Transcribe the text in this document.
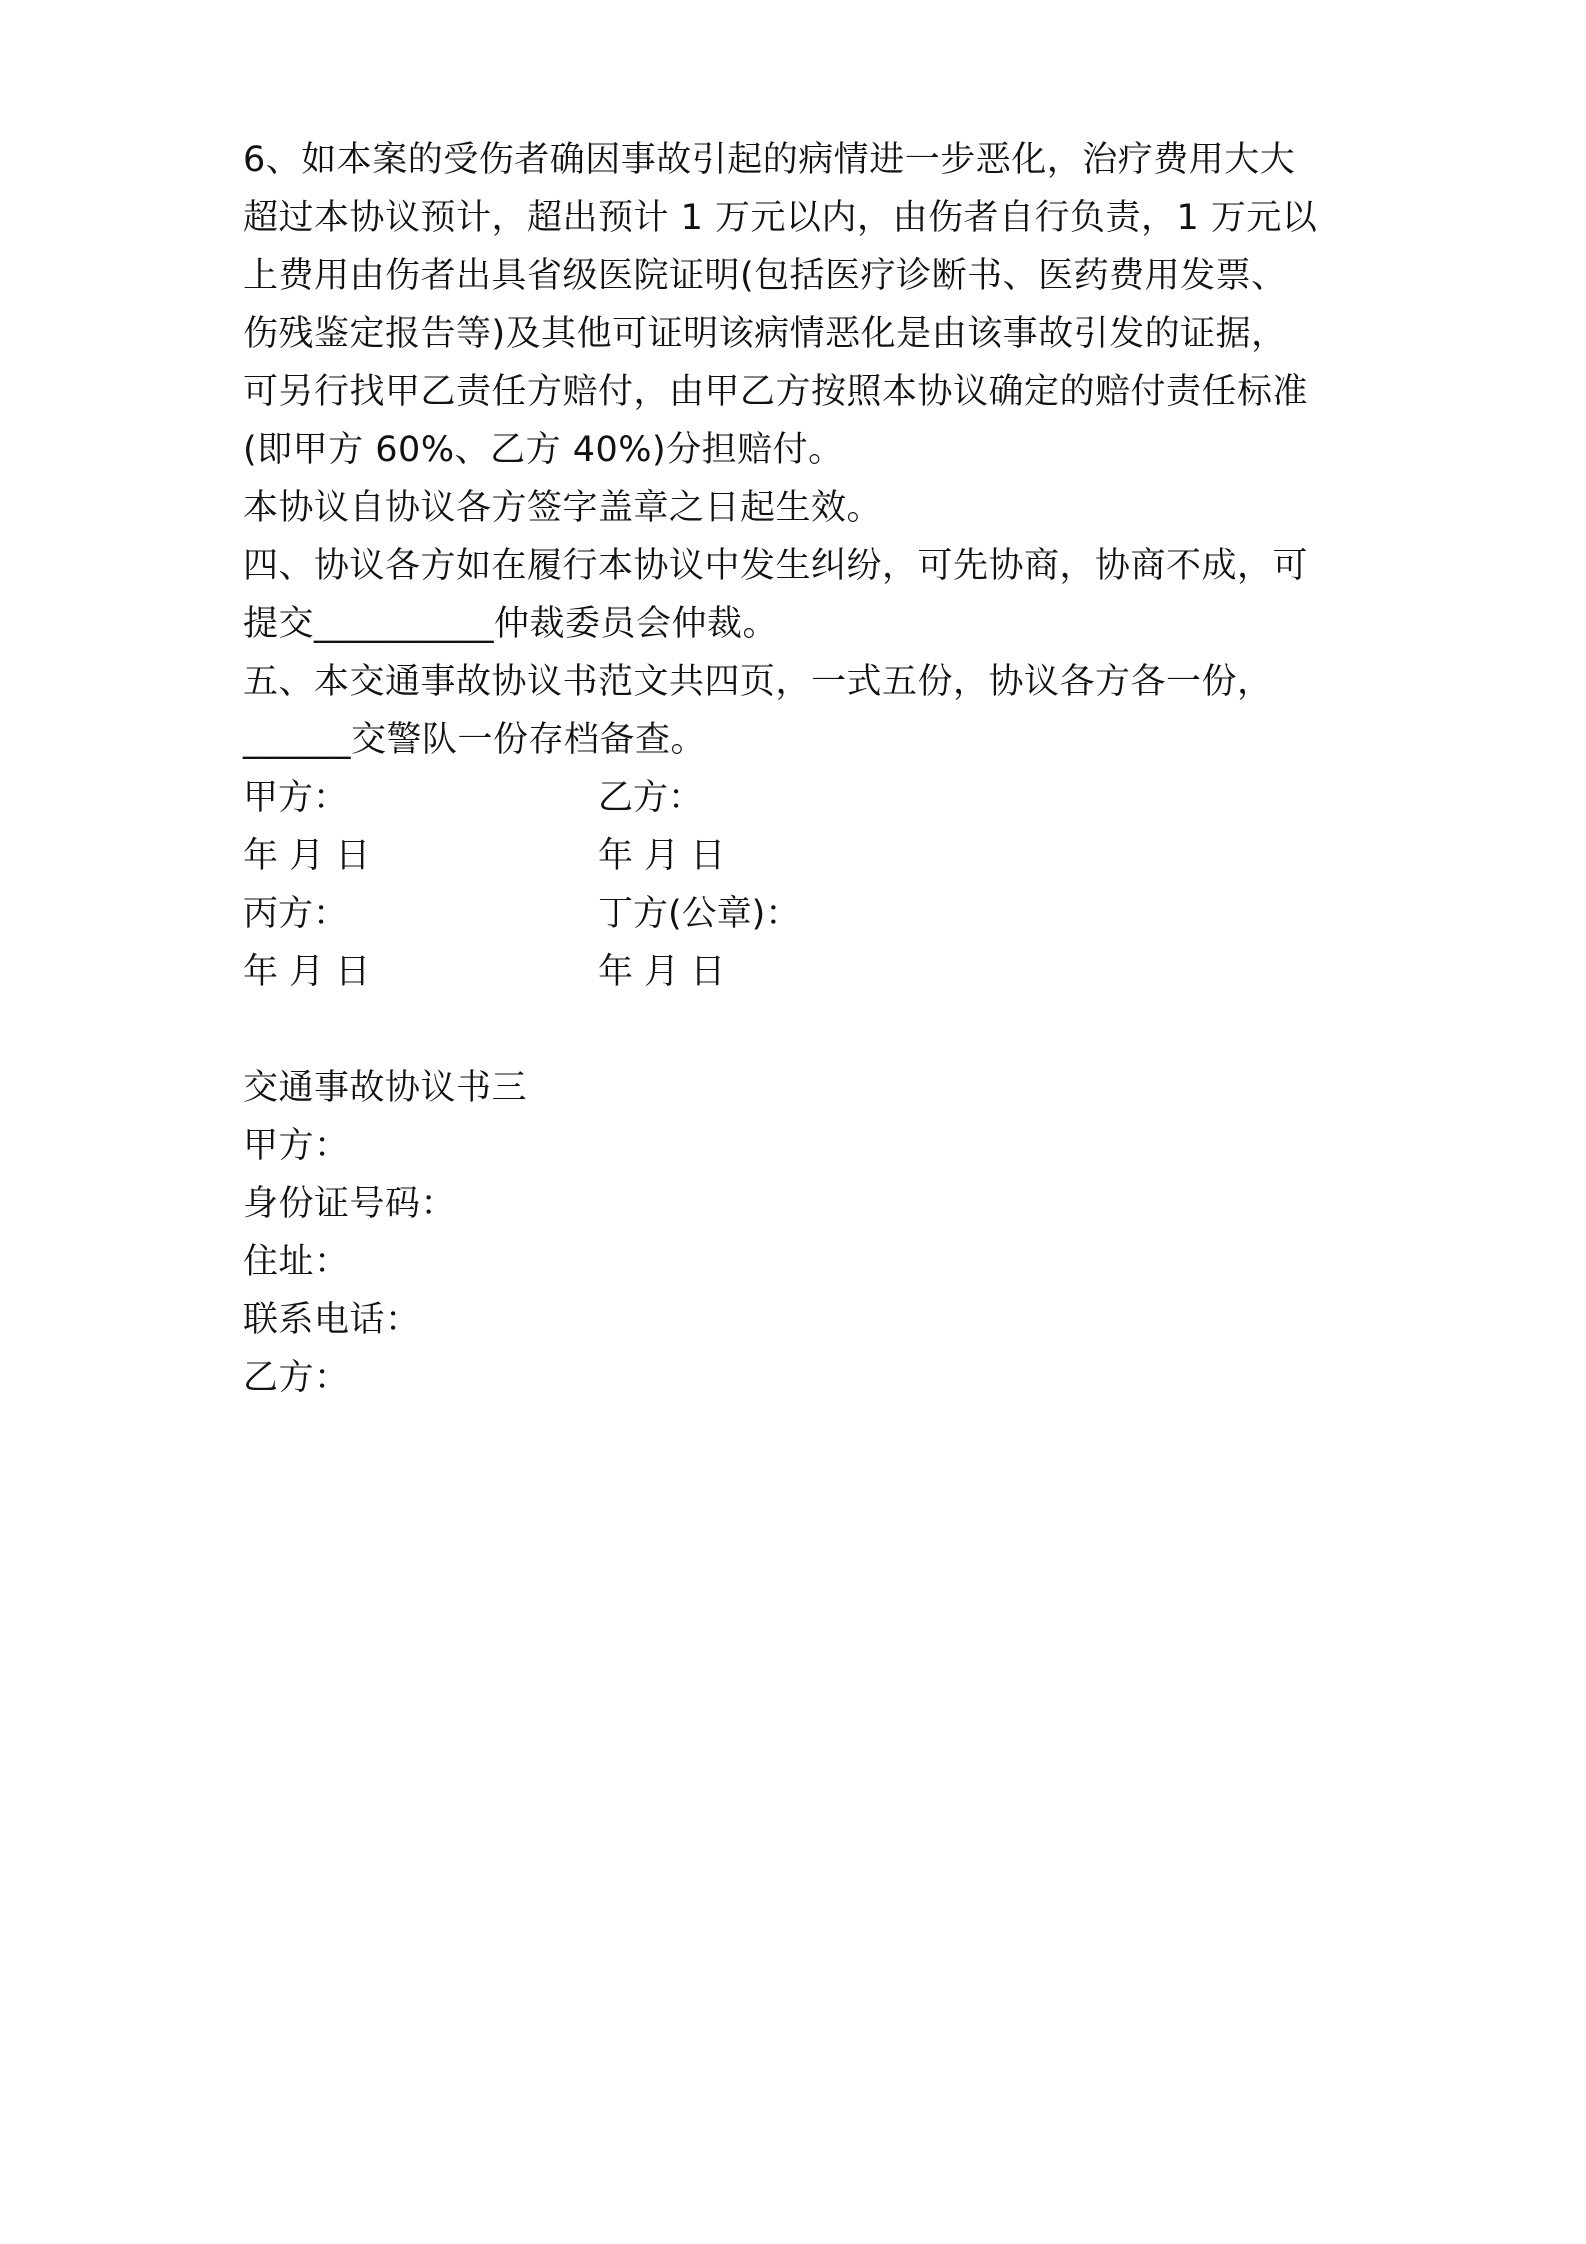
6、如本案的受伤者确因事故引起的病情进一步恶化，治疗费用大大
超过本协议预计，超出预计 1 万元以内，由伤者自行负责，1 万元以
上费用由伤者出具省级医院证明(包括医疗诊断书、医药费用发票、
伤残鉴定报告等)及其他可证明该病情恶化是由该事故引发的证据，
可另行找甲乙责任方赔付，由甲乙方按照本协议确定的赔付责任标准
(即甲方 60%、乙方 40%)分担赔付。
本协议自协议各方签字盖章之日起生效。
四、协议各方如在履行本协议中发生纠纷，可先协商，协商不成，可
提交__________仲裁委员会仲裁。
五、本交通事故协议书范文共四页，一式五份，协议各方各一份，
______交警队一份存档备查。
甲方：	乙方：
年 月 日	年 月 日
丙方：	丁方(公章)：
年 月 日	年 月 日
交通事故协议书三
甲方：
身份证号码：
住址：
联系电话：
乙方：
